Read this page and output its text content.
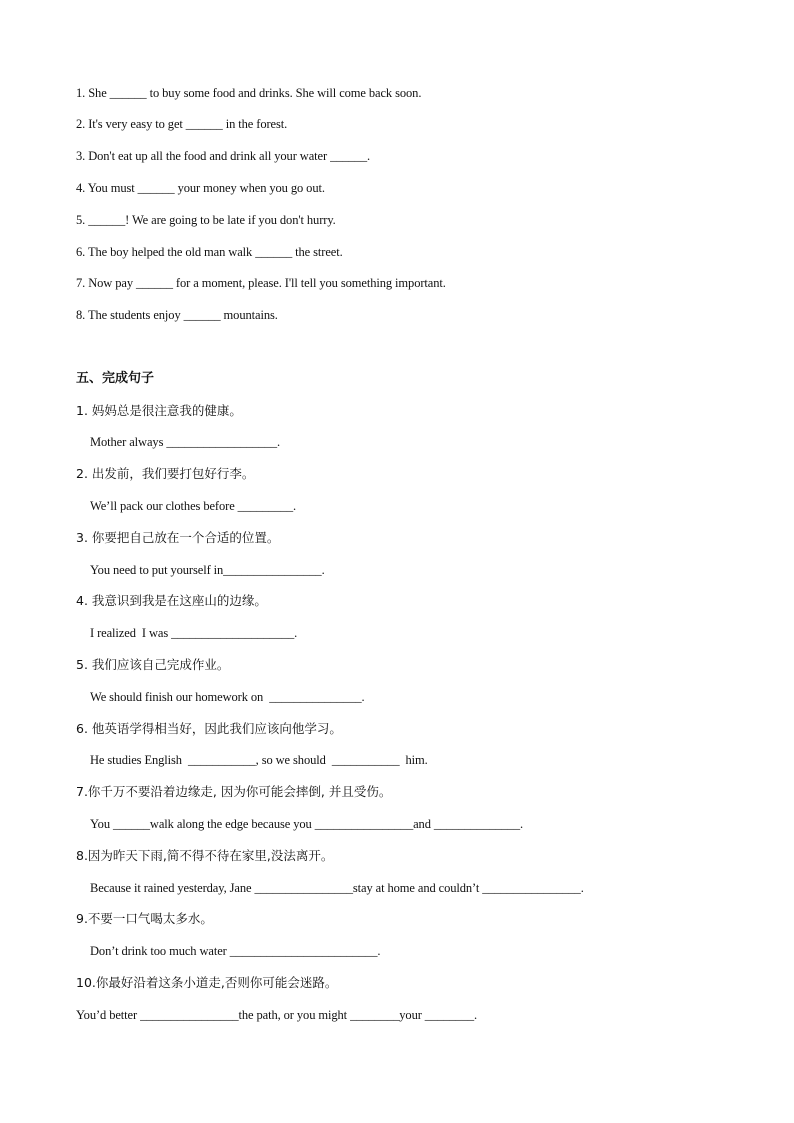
1. She ______ to buy some food and drinks. She will come back soon.
2. It's very easy to get ______ in the forest.
3. Don't eat up all the food and drink all your water ______.
4. You must ______ your money when you go out.
5. ______! We are going to be late if you don't hurry.
6. The boy helped the old man walk ______ the street.
7. Now pay ______ for a moment, please. I'll tell you something important.
8. The students enjoy ______ mountains.
五、完成句子
1. 妈妈总是很注意我的健康。
Mother always __________________.
2. 出发前，我们要打包好行李。
We’ll pack our clothes before _________.
3. 你要把自己放在一个合适的位置。
You need to put yourself in________________.
4. 我意识到我是在这座山的边缘。
I realized  I was ____________________.
5. 我们应该自己完成作业。
We should finish our homework on  _______________.
6. 他英语学得相当好，因此我们应该向他学习。
He studies English  ___________, so we should  ___________  him.
7.你千万不要沿着边缘走, 因为你可能会摔倒, 并且受伤。
You ______walk along the edge because you ________________and ______________.
8.因为昨天下雨,简不得不待在家里,没法离开。
Because it rained yesterday, Jane ________________stay at home and couldn’t ________________.
9.不要一口气喝太多水。
Don’t drink too much water ________________________.
10.你最好沿着这条小道走,否则你可能会迷路。
You’d better ________________the path, or you might ________your ________.
